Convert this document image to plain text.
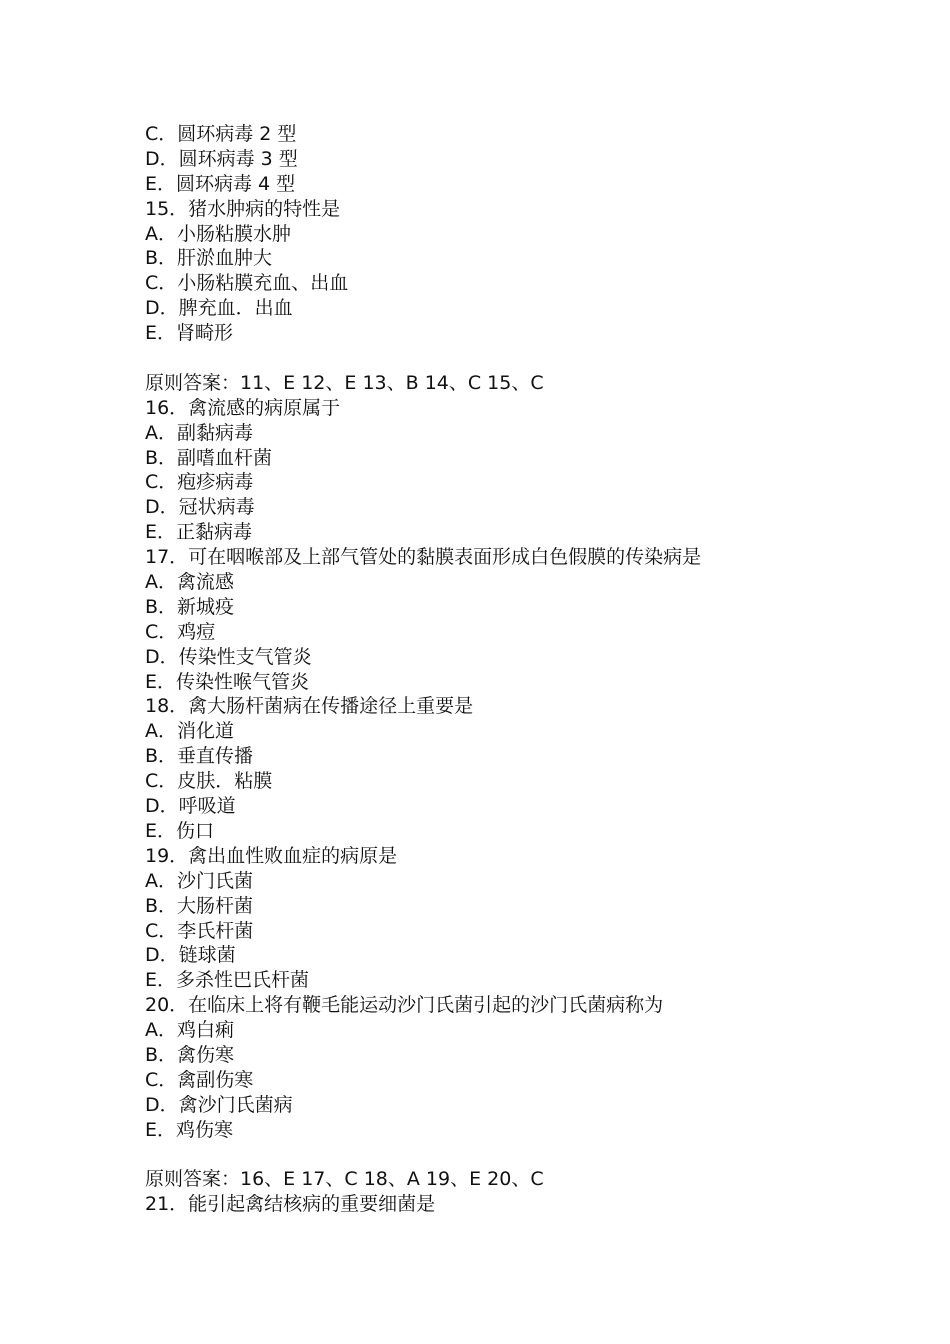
C．圆环病毒 2 型
D．圆环病毒 3 型
E．圆环病毒 4 型
15．猪水肿病的特性是
A．小肠粘膜水肿
B．肝淤血肿大
C．小肠粘膜充血、出血
D．脾充血．出血
E．肾畸形
原则答案：11、E 12、E 13、B 14、C 15、C
16．禽流感的病原属于
A．副黏病毒
B．副嗜血杆菌
C．疱疹病毒
D．冠状病毒
E．正黏病毒
17．可在咽喉部及上部气管处的黏膜表面形成白色假膜的传染病是
A．禽流感
B．新城疫
C．鸡痘
D．传染性支气管炎
E．传染性喉气管炎
18．禽大肠杆菌病在传播途径上重要是
A．消化道
B．垂直传播
C．皮肤．粘膜
D．呼吸道
E．伤口
19．禽出血性败血症的病原是
A．沙门氏菌
B．大肠杆菌
C．李氏杆菌
D．链球菌
E．多杀性巴氏杆菌
20．在临床上将有鞭毛能运动沙门氏菌引起的沙门氏菌病称为
A．鸡白痢
B．禽伤寒
C．禽副伤寒
D．禽沙门氏菌病
E．鸡伤寒
原则答案：16、E 17、C 18、A 19、E 20、C
21．能引起禽结核病的重要细菌是
